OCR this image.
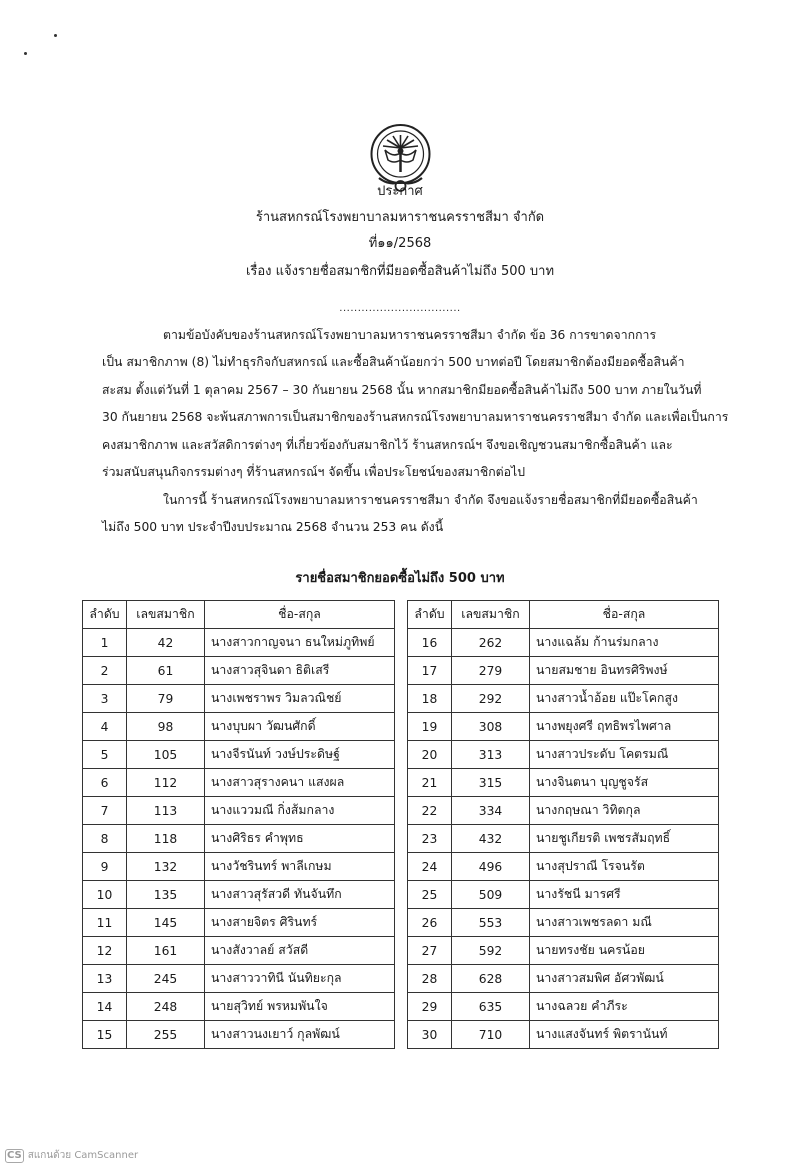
ประกาศ
ร้านสหกรณ์โรงพยาบาลมหาราชนครราชสีมา จำกัด
ที่๑๑/2568
เรื่อง แจ้งรายชื่อสมาชิกที่มียอดซื้อสินค้าไม่ถึง 500 บาท
.................................
ตามข้อบังคับของร้านสหกรณ์โรงพยาบาลมหาราชนครราชสีมา จำกัด ข้อ 36 การขาดจากการ
เป็น สมาชิกภาพ (8) ไม่ทำธุรกิจกับสหกรณ์ และซื้อสินค้าน้อยกว่า 500 บาทต่อปี โดยสมาชิกต้องมียอดซื้อสินค้า
สะสม ตั้งแต่วันที่ 1 ตุลาคม 2567 – 30 กันยายน 2568 นั้น หากสมาชิกมียอดซื้อสินค้าไม่ถึง 500 บาท ภายในวันที่
30 กันยายน 2568 จะพ้นสภาพการเป็นสมาชิกของร้านสหกรณ์โรงพยาบาลมหาราชนครราชสีมา จำกัด และเพื่อเป็นการ
คงสมาชิกภาพ และสวัสดิการต่างๆ ที่เกี่ยวข้องกับสมาชิกไว้ ร้านสหกรณ์ฯ จึงขอเชิญชวนสมาชิกซื้อสินค้า และ
ร่วมสนับสนุนกิจกรรมต่างๆ ที่ร้านสหกรณ์ฯ จัดขึ้น เพื่อประโยชน์ของสมาชิกต่อไป
ในการนี้ ร้านสหกรณ์โรงพยาบาลมหาราชนครราชสีมา จำกัด จึงขอแจ้งรายชื่อสมาชิกที่มียอดซื้อสินค้า
ไม่ถึง 500 บาท ประจำปีงบประมาณ 2568 จำนวน 253 คน ดังนี้
รายชื่อสมาชิกยอดซื้อไม่ถึง 500 บาท
ลำดับ	เลขสมาชิก	ชื่อ-สกุล
1	42	นางสาวกาญจนา ธนใหม่ภูทิพย์
2	61	นางสาวสุจินดา ธิติเสรี
3	79	นางเพชราพร วิมลวณิชย์
4	98	นางบุบผา วัฒนศักดิ์
5	105	นางจีรนันท์ วงษ์ประดิษฐ์
6	112	นางสาวสุรางคนา แสงผล
7	113	นางแววมณี กิ่งส้มกลาง
8	118	นางศิริธร คำพุทธ
9	132	นางวัชรินทร์ พาลีเกษม
10	135	นางสาวสุรัสวดี ทันจันทึก
11	145	นางสายจิตร ศิรินทร์
12	161	นางสังวาลย์ สวัสดี
13	245	นางสาววาทินี นันทิยะกุล
14	248	นายสุวิทย์ พรหมพันใจ
15	255	นางสาวนงเยาว์ กุลพัฒน์
ลำดับ	เลขสมาชิก	ชื่อ-สกุล
16	262	นางแฉล้ม ก้านร่มกลาง
17	279	นายสมชาย อินทรศิริพงษ์
18	292	นางสาวน้ำอ้อย แป๊ะโคกสูง
19	308	นางพยุงศรี ฤทธิพรไพศาล
20	313	นางสาวประดับ โคตรมณี
21	315	นางจินตนา บุญชูจรัส
22	334	นางกฤษณา วิทิตกุล
23	432	นายชูเกียรติ เพชรสัมฤทธิ์
24	496	นางสุปราณี โรจนรัต
25	509	นางรัชนี มารศรี
26	553	นางสาวเพชรลดา มณี
27	592	นายทรงชัย นครน้อย
28	628	นางสาวสมพิศ อัศวพัฒน์
29	635	นางฉลวย คำภีระ
30	710	นางแสงจันทร์ พิตรานันท์
CS สแกนด้วย CamScanner
